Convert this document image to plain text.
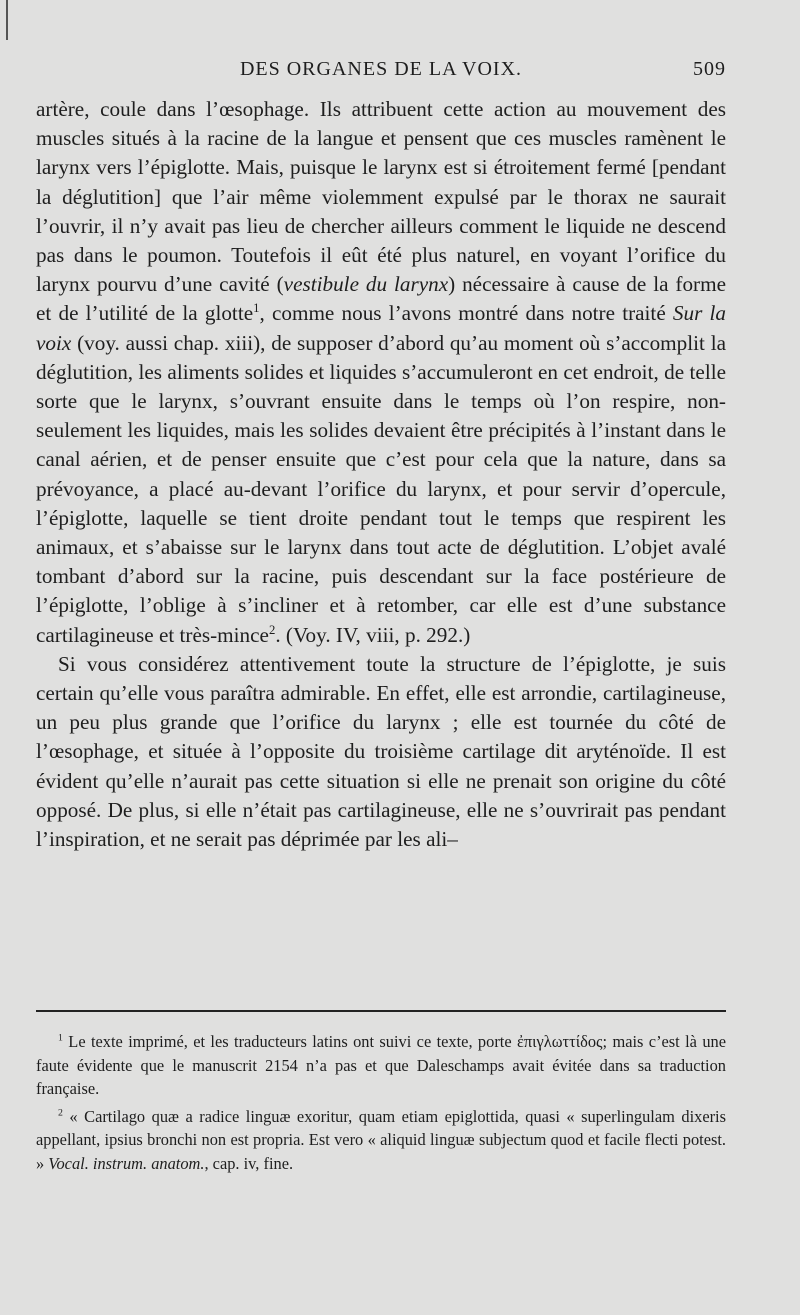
DES ORGANES DE LA VOIX.	509

artère, coule dans l’œsophage. Ils attribuent cette action au mouvement des muscles situés à la racine de la langue et pensent que ces muscles ramènent le larynx vers l’épiglotte. Mais, puisque le larynx est si étroitement fermé [pendant la déglutition] que l’air même violemment expulsé par le thorax ne saurait l’ouvrir, il n’y avait pas lieu de chercher ailleurs comment le liquide ne descend pas dans le poumon. Toutefois il eût été plus naturel, en voyant l’orifice du larynx pourvu d’une cavité (vestibule du larynx) nécessaire à cause de la forme et de l’utilité de la glotte$^1$, comme nous l’avons montré dans notre traité Sur la voix (voy. aussi chap. xiii), de supposer d’abord qu’au moment où s’accomplit la déglutition, les aliments solides et liquides s’accumuleront en cet endroit, de telle sorte que le larynx, s’ouvrant ensuite dans le temps où l’on respire, non-seulement les liquides, mais les solides devaient être précipités à l’instant dans le canal aérien, et de penser ensuite que c’est pour cela que la nature, dans sa prévoyance, a placé au-devant l’orifice du larynx, et pour servir d’opercule, l’épiglotte, laquelle se tient droite pendant tout le temps que respirent les animaux, et s’abaisse sur le larynx dans tout acte de déglutition. L’objet avalé tombant d’abord sur la racine, puis descendant sur la face postérieure de l’épiglotte, l’oblige à s’incliner et à retomber, car elle est d’une substance cartilagineuse et très-mince$^2$. (Voy. IV, viii, p. 292.)

Si vous considérez attentivement toute la structure de l’épiglotte, je suis certain qu’elle vous paraîtra admirable. En effet, elle est arrondie, cartilagineuse, un peu plus grande que l’orifice du larynx ; elle est tournée du côté de l’œsophage, et située à l’opposite du troisième cartilage dit aryténoïde. Il est évident qu’elle n’aurait pas cette situation si elle ne prenait son origine du côté opposé. De plus, si elle n’était pas cartilagineuse, elle ne s’ouvrirait pas pendant l’inspiration, et ne serait pas déprimée par les ali–

$^1$ Le texte imprimé, et les traducteurs latins ont suivi ce texte, porte ἐπιγλωττίδος; mais c’est là une faute évidente que le manuscrit 2154 n’a pas et que Daleschamps avait évitée dans sa traduction française.

$^2$ « Cartilago quæ a radice linguæ exoritur, quam etiam epiglottida, quasi « superlingulam dixeris appellant, ipsius bronchi non est propria. Est vero « aliquid linguæ subjectum quod et facile flecti potest. » Vocal. instrum. anatom., cap. iv, fine.
